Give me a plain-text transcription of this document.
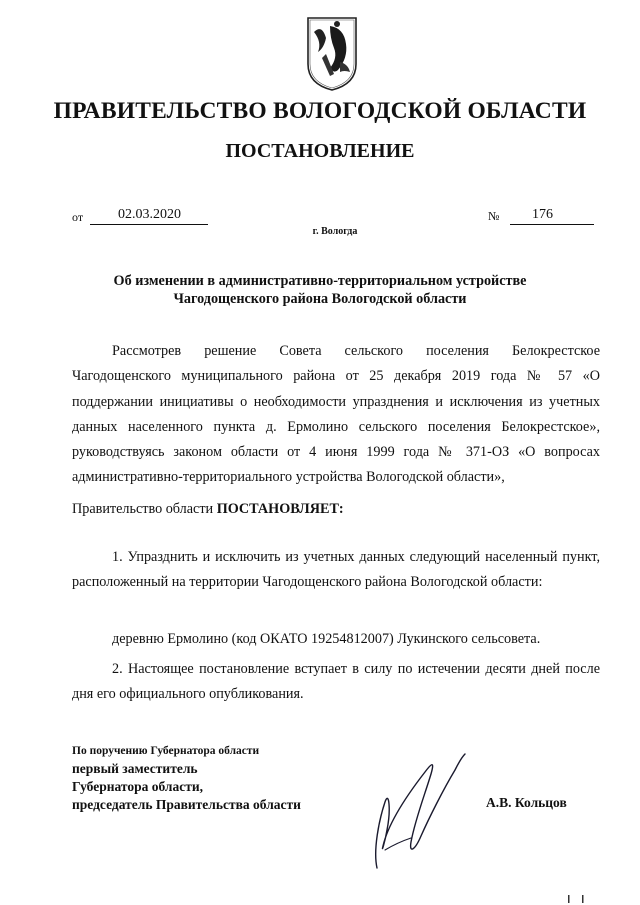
ПРАВИТЕЛЬСТВО ВОЛОГОДСКОЙ ОБЛАСТИ
ПОСТАНОВЛЕНИЕ
от	02.03.2020	№	176
г. Вологда
Об изменении в административно-территориальном устройстве
Чагодощенского района Вологодской области
Рассмотрев решение Совета сельского поселения Белокрестское Чагодощенского муниципального района от 25 декабря 2019 года № 57 «О поддержании инициативы о необходимости упразднения и исключения из учетных данных населенного пункта д. Ермолино сельского поселения Белокрестское», руководствуясь законом области от 4 июня 1999 года № 371-ОЗ «О вопросах административно-территориального устройства Вологодской области»,
Правительство области ПОСТАНОВЛЯЕТ:
1. Упразднить и исключить из учетных данных следующий населенный пункт, расположенный на территории Чагодощенского района Вологодской области:
деревню Ермолино (код ОКАТО 19254812007) Лукинского сельсовета.
2. Настоящее постановление вступает в силу по истечении десяти дней после дня его официального опубликования.
По поручению Губернатора области
первый заместитель
Губернатора области,
председатель Правительства области	А.В. Кольцов
